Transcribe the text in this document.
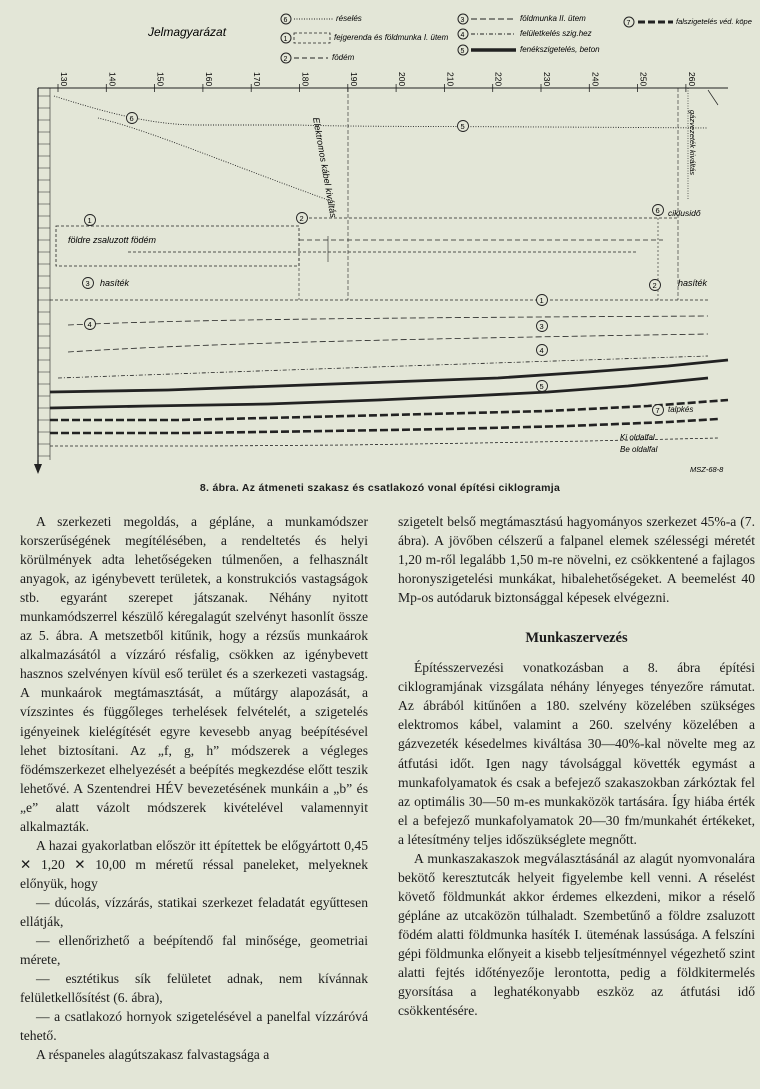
Jelmagyarázat
6	réselés
1	fejgerenda és földmunka I. ütem
2	födém
3	földmunka II. ütem
4	felületkelés szig.hez
5	fenékszigetelés, beton
7	falszigetelés véd. köpeny
130	140	150	160	170	180	190	200	210	220	230	240	250	260
Elektromos kábel kiváltás
földre zsaluzott födém
hasíték	hasíték
ciklusidő
gázvezeték kiváltás
talpkés
Ki oldalfal
Be oldalfal
MSZ-68-8
6
2
1
3
4
5
6
2
1
3
4
5
7
8. ábra. Az átmeneti szakasz és csatlakozó vonal építési ciklogramja

A szerkezeti megoldás, a gépláne, a munkamódszer korszerűségének megítélésében, a rendeltetés és helyi körülmények adta lehetőségeken túlmenően, a felhasznált anyagok, az igénybevett területek, a konstrukciós vastagságok stb. egyaránt szerepet játszanak. Néhány nyitott munkamódszerrel készülő kéregalagút szelvényt hasonlít össze az 5. ábra. A metszetből kitűnik, hogy a rézsűs munkaárok alkalmazásától a vízzáró résfalig, csökken az igénybevett hasznos szelvényen kívül eső terület és a szerkezeti vastagság. A munkaárok megtámasztását, a műtárgy alapozását, a vízszintes és függőleges terhelések felvételét, a szigetelés igényeinek kielégítését egyre kevesebb anyag beépítésével lehet biztosítani. Az „f, g, h” módszerek a végleges födémszerkezet elhelyezését a beépítés megkezdése előtt teszik lehetővé. A Szentendrei HÉV bevezetésének munkáin a „b” és „e” alatt vázolt módszerek kivételével valamennyit alkalmazták.

A hazai gyakorlatban először itt építettek be előgyártott 0,45 ✕ 1,20 ✕ 10,00 m méretű réssal paneleket, melyeknek előnyük, hogy

— dúcolás, vízzárás, statikai szerkezet feladatát egyűttesen ellátják,

— ellenőrizhető a beépítendő fal minősége, geometriai mérete,

— esztétikus sík felületet adnak, nem kívánnak felületkellősítést (6. ábra),

— a csatlakozó hornyok szigetelésével a panelfal vízzáróvá tehető.

A réspaneles alagútszakasz falvastagsága a

szigetelt belső megtámasztású hagyományos szerkezet 45%-a (7. ábra). A jövőben célszerű a falpanel elemek szélességi méretét 1,20 m-ről legalább 1,50 m-re növelni, ez csökkentené a fajlagos horonyszigetelési munkákat, hibalehetőségeket. A beemelést 40 Mp-os autódaruk biztonsággal képesek elvégezni.

Munkaszervezés

Építésszervezési vonatkozásban a 8. ábra építési ciklogramjának vizsgálata néhány lényeges tényezőre rámutat. Az ábrából kitűnően a 180. szelvény közelében szükséges elektromos kábel, valamint a 260. szelvény közelében a gázvezeték késedelmes kiváltása 30—40%-kal növelte meg az átfutási időt. Igen nagy távolsággal követték egymást a munkafolyamatok és csak a befejező szakaszokban zárkóztak fel az optimális 30—50 m-es munkaközök tartására. Így hiába érték el a befejező munkafolyamatok 20—30 fm/munkahét értékeket, a létesítmény teljes időszükséglete megnőtt.

A munkaszakaszok megválasztásánál az alagút nyomvonalára bekötő keresztutcák helyeit figyelembe kell venni. A réselést követő földmunkát akkor érdemes elkezdeni, mikor a réselő gépláne az utcaközön túlhaladt. Szembetűnő a földre zsaluzott födém alatti földmunka hasíték I. üteménak lassúsága. A felszíni gépi földmunka előnyeit a kisebb teljesítménnyel végezhető szint alatti fejtés időtényezője lerontotta, pedig a földkitermelés gyorsítása a leghatékonyabb eszköz az átfutási idő csökkentésére.
